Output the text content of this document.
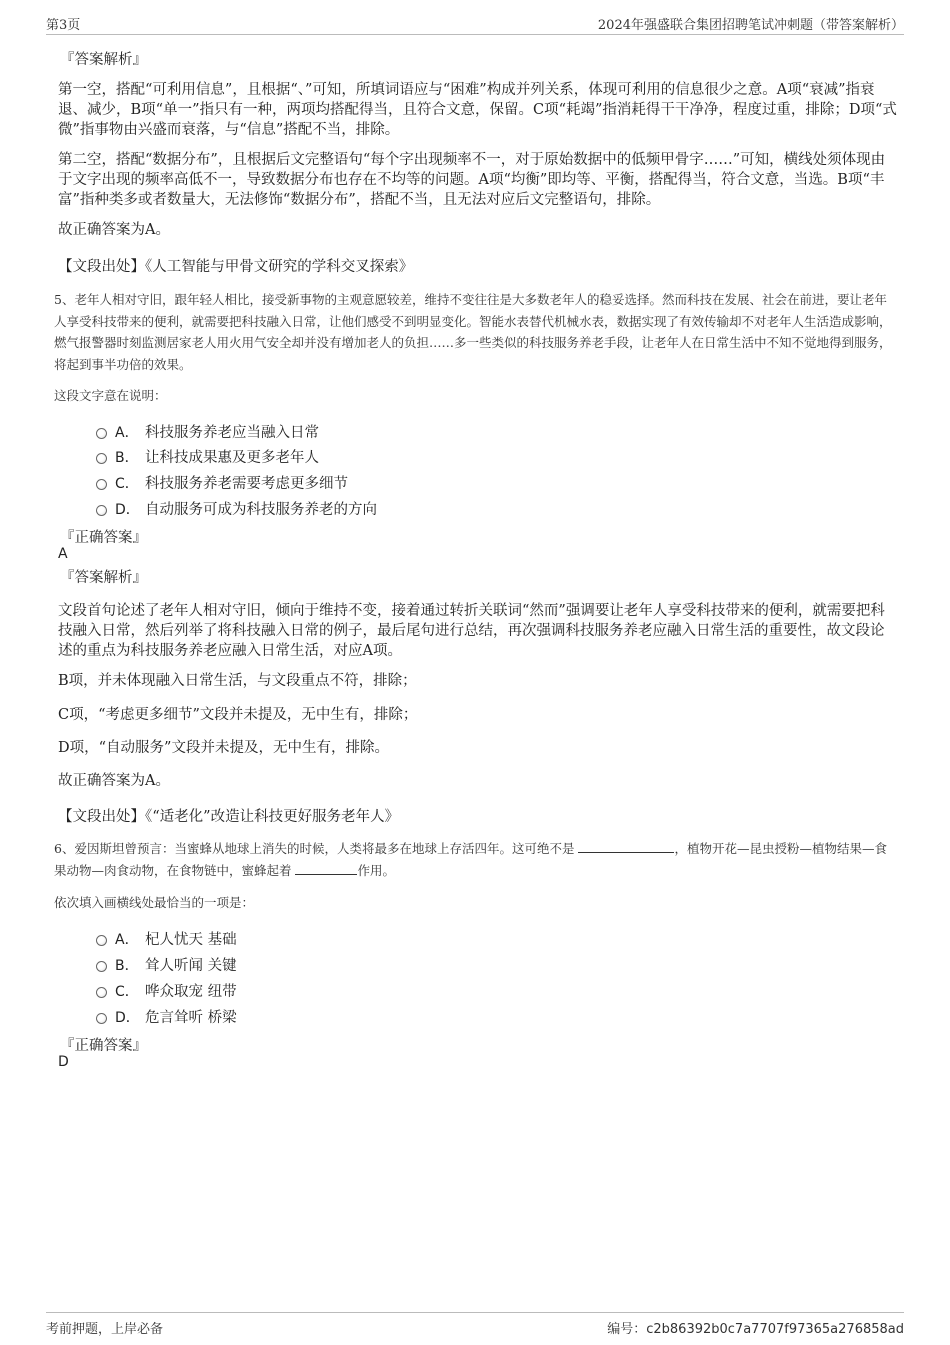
第3页	2024年强盛联合集团招聘笔试冲刺题（带答案解析）
『答案解析』
第一空，搭配“可利用信息”，且根据“、”可知，所填词语应与“困难”构成并列关系，体现可利用的信息很少之意。A项“衰减”指衰退、减少，B项“单一”指只有一种，两项均搭配得当，且符合文意，保留。C项“耗竭”指消耗得干干净净，程度过重，排除；D项“式微”指事物由兴盛而衰落，与“信息”搭配不当，排除。
第二空，搭配“数据分布”，且根据后文完整语句“每个字出现频率不一，对于原始数据中的低频甲骨字……”可知，横线处须体现由于文字出现的频率高低不一，导致数据分布也存在不均等的问题。A项“均衡”即均等、平衡，搭配得当，符合文意，当选。B项“丰富”指种类多或者数量大，无法修饰“数据分布”，搭配不当，且无法对应后文完整语句，排除。
故正确答案为A。
【文段出处】《人工智能与甲骨文研究的学科交叉探索》
5、老年人相对守旧，跟年轻人相比，接受新事物的主观意愿较差，维持不变往往是大多数老年人的稳妥选择。然而科技在发展、社会在前进，要让老年人享受科技带来的便利，就需要把科技融入日常，让他们感受不到明显变化。智能水表替代机械水表，数据实现了有效传输却不对老年人生活造成影响，燃气报警器时刻监测居家老人用火用气安全却并没有增加老人的负担……多一些类似的科技服务养老手段，让老年人在日常生活中不知不觉地得到服务，将起到事半功倍的效果。
这段文字意在说明：
A． 科技服务养老应当融入日常
B． 让科技成果惠及更多老年人
C． 科技服务养老需要考虑更多细节
D． 自动服务可成为科技服务养老的方向
『正确答案』
A
『答案解析』
文段首句论述了老年人相对守旧，倾向于维持不变，接着通过转折关联词“然而”强调要让老年人享受科技带来的便利，就需要把科技融入日常，然后列举了将科技融入日常的例子，最后尾句进行总结，再次强调科技服务养老应融入日常生活的重要性，故文段论述的重点为科技服务养老应融入日常生活，对应A项。
B项，并未体现融入日常生活，与文段重点不符，排除；
C项，“考虑更多细节”文段并未提及，无中生有，排除；
D项，“自动服务”文段并未提及，无中生有，排除。
故正确答案为A。
【文段出处】《“适老化”改造让科技更好服务老年人》
6、爱因斯坦曾预言：当蜜蜂从地球上消失的时候，人类将最多在地球上存活四年。这可绝不是	，植物开花—昆虫授粉—植物结果—食果动物—肉食动物，在食物链中，蜜蜂起着	作用。
依次填入画横线处最恰当的一项是：
A． 杞人忧天 基础
B． 耸人听闻 关键
C． 哗众取宠 纽带
D． 危言耸听 桥梁
『正确答案』
D
考前押题，上岸必备	编号：c2b86392b0c7a7707f97365a276858ad
